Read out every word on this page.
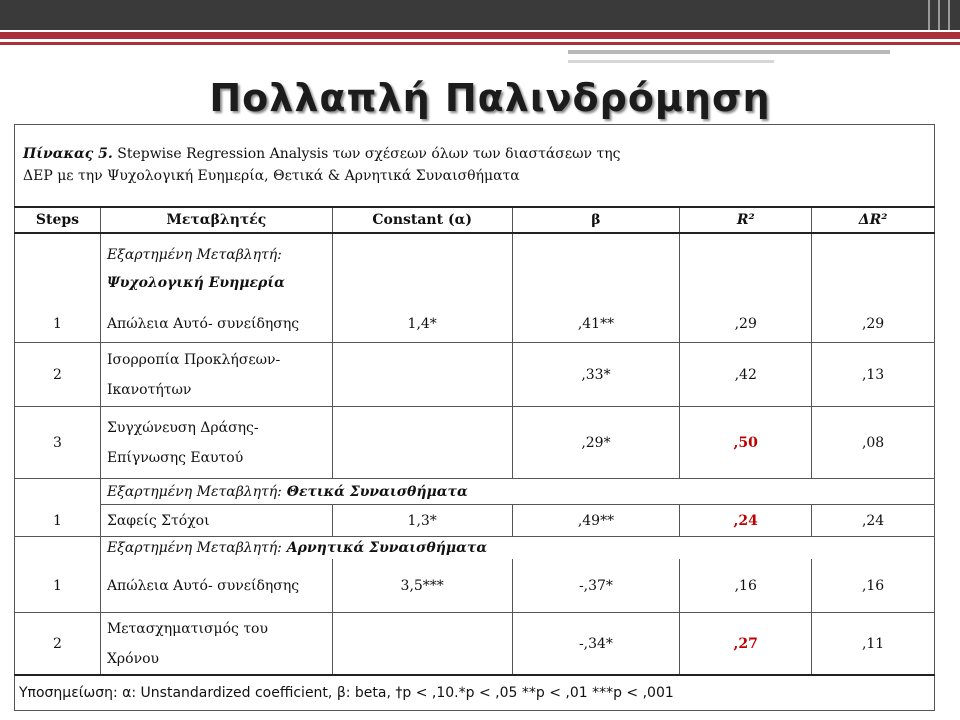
Πολλαπλή Παλινδρόμηση
Πίνακας 5. Stepwise Regression Analysis των σχέσεων όλων των διαστάσεων της
ΔΕΡ με την Ψυχολογική Ευημερία, Θετικά & Αρνητικά Συναισθήματα					
Steps	Μεταβλητές	Constant (α)	β	R²	ΔR²
	Εξαρτημένη Μεταβλητή:
Ψυχολογική Ευημερία				
1	Απώλεια Αυτό- συνείδησης	1,4*	,41**	,29	,29
2	Ισορροπία Προκλήσεων-
Ικανοτήτων		,33*	,42	,13
3	Συγχώνευση Δράσης-
Επίγνωσης Εαυτού		,29*	,50	,08
	Εξαρτημένη Μεταβλητή: Θετικά Συναισθήματα				
1	Σαφείς Στόχοι	1,3*	,49**	,24	,24
	Εξαρτημένη Μεταβλητή: Αρνητικά Συναισθήματα				
1	Απώλεια Αυτό- συνείδησης	3,5***	-,37*	,16	,16
2	Μετασχηματισμός του
Χρόνου		-,34*	,27	,11
Υποσημείωση: α: Unstandardized coefficient, β: beta, †p < ,10.*p < ,05 **p < ,01 ***p < ,001					
